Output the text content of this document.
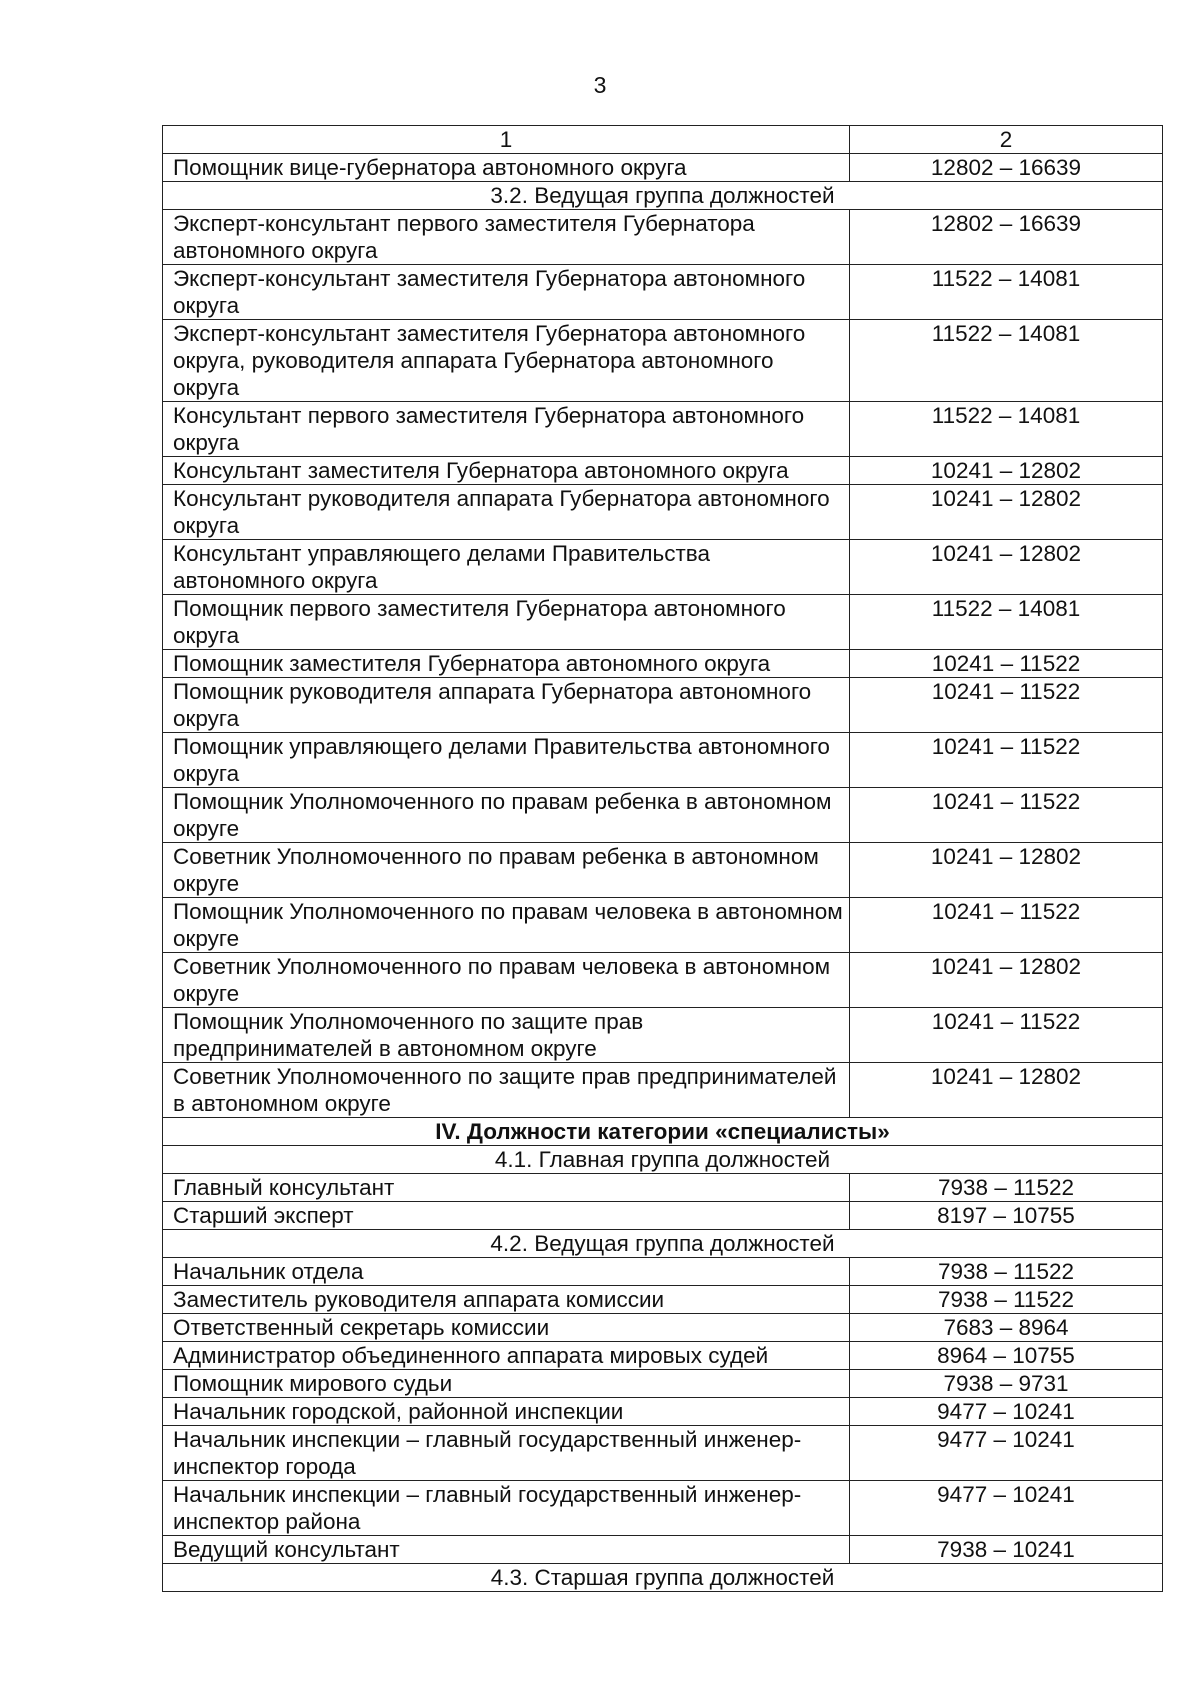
3
1	2
Помощник вице-губернатора автономного округа	12802 – 16639
3.2. Ведущая группа должностей	
Эксперт-консультант первого заместителя Губернатора автономного округа	12802 – 16639
Эксперт-консультант заместителя Губернатора автономного округа	11522 – 14081
Эксперт-консультант заместителя Губернатора автономного округа, руководителя аппарата Губернатора автономного округа	11522 – 14081
Консультант первого заместителя Губернатора автономного округа	11522 – 14081
Консультант заместителя Губернатора автономного округа	10241 – 12802
Консультант руководителя аппарата Губернатора автономного округа	10241 – 12802
Консультант управляющего делами Правительства автономного округа	10241 – 12802
Помощник первого заместителя Губернатора автономного округа	11522 – 14081
Помощник заместителя Губернатора автономного округа	10241 – 11522
Помощник руководителя аппарата Губернатора автономного округа	10241 – 11522
Помощник управляющего делами Правительства автономного округа	10241 – 11522
Помощник Уполномоченного по правам ребенка в автономном округе	10241 – 11522
Советник Уполномоченного по правам ребенка в автономном округе	10241 – 12802
Помощник Уполномоченного по правам человека в автономном округе	10241 – 11522
Советник Уполномоченного по правам человека в автономном округе	10241 – 12802
Помощник Уполномоченного по защите прав предпринимателей в автономном округе	10241 – 11522
Советник Уполномоченного по защите прав предпринимателей в автономном округе	10241 – 12802
IV. Должности категории «специалисты»	
4.1. Главная группа должностей	
Главный консультант	7938 – 11522
Старший эксперт	8197 – 10755
4.2. Ведущая группа должностей	
Начальник отдела	7938 – 11522
Заместитель руководителя аппарата комиссии	7938 – 11522
Ответственный секретарь комиссии	7683 – 8964
Администратор объединенного аппарата мировых судей	8964 – 10755
Помощник мирового судьи	7938 – 9731
Начальник городской, районной инспекции	9477 – 10241
Начальник инспекции – главный государственный инженер-инспектор города	9477 – 10241
Начальник инспекции – главный государственный инженер-инспектор района	9477 – 10241
Ведущий консультант	7938 – 10241
4.3. Старшая группа должностей	
